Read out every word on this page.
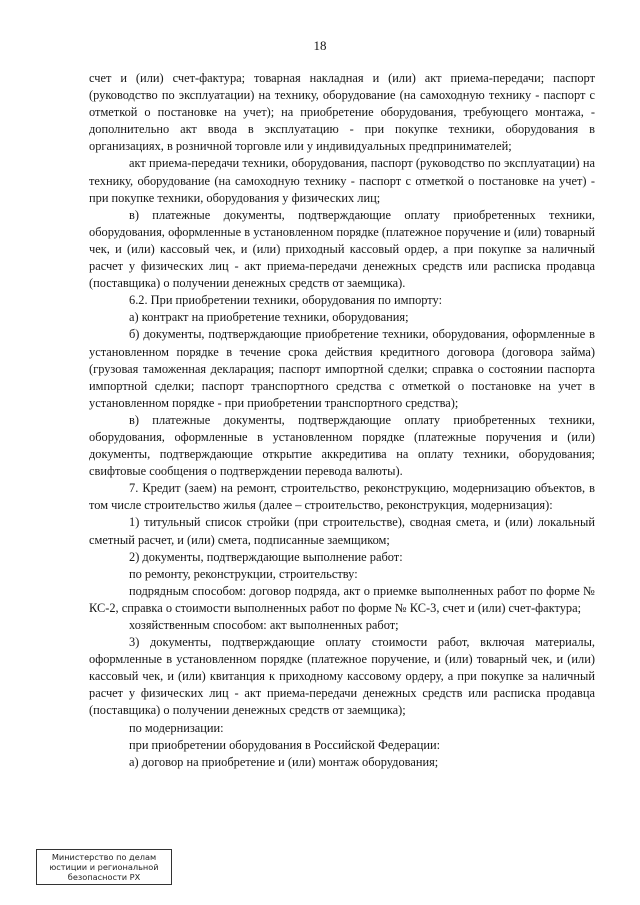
18

счет и (или) счет-фактура; товарная накладная и (или) акт приема-передачи; паспорт (руководство по эксплуатации) на технику, оборудование (на самоходную технику - паспорт с отметкой о постановке на учет); на приобретение оборудования, требующего монтажа, - дополнительно акт ввода в эксплуатацию - при покупке техники, оборудования в организациях, в розничной торговле или у индивидуальных предпринимателей;

акт приема-передачи техники, оборудования, паспорт (руководство по эксплуатации) на технику, оборудование (на самоходную технику - паспорт с отметкой о постановке на учет) - при покупке техники, оборудования у физических лиц;

в) платежные документы, подтверждающие оплату приобретенных техники, оборудования, оформленные в установленном порядке (платежное поручение и (или) товарный чек, и (или) кассовый чек, и (или) приходный кассовый ордер, а при покупке за наличный расчет у физических лиц - акт приема-передачи денежных средств или расписка продавца (поставщика) о получении денежных средств от заемщика).

6.2. При приобретении техники, оборудования по импорту:

а) контракт на приобретение техники, оборудования;

б) документы, подтверждающие приобретение техники, оборудования, оформленные в установленном порядке в течение срока действия кредитного договора (договора займа) (грузовая таможенная декларация; паспорт импортной сделки; справка о состоянии паспорта импортной сделки; паспорт транспортного средства с отметкой о постановке на учет в установленном порядке - при приобретении транспортного средства);

в) платежные документы, подтверждающие оплату приобретенных техники, оборудования, оформленные в установленном порядке (платежные поручения и (или) документы, подтверждающие открытие аккредитива на оплату техники, оборудования; свифтовые сообщения о подтверждении перевода валюты).

7. Кредит (заем) на ремонт, строительство, реконструкцию, модернизацию объектов, в том числе строительство жилья (далее – строительство, реконструкция, модернизация):

1) титульный список стройки (при строительстве), сводная смета, и (или) локальный сметный расчет, и (или) смета, подписанные заемщиком;

2) документы, подтверждающие выполнение работ:

по ремонту, реконструкции, строительству:

подрядным способом: договор подряда, акт о приемке выполненных работ по форме № КС-2, справка о стоимости выполненных работ по форме № КС-3, счет и (или) счет-фактура;

хозяйственным способом: акт выполненных работ;

3) документы, подтверждающие оплату стоимости работ, включая материалы, оформленные в установленном порядке (платежное поручение, и (или) товарный чек, и (или) кассовый чек, и (или) квитанция к приходному кассовому ордеру, а при покупке за наличный расчет у физических лиц - акт приема-передачи денежных средств или расписка продавца (поставщика) о получении денежных средств от заемщика);

по модернизации:

при приобретении оборудования в Российской Федерации:

а) договор на приобретение и (или) монтаж оборудования;

Министерство по делам
юстиции и региональной
безопасности РХ
